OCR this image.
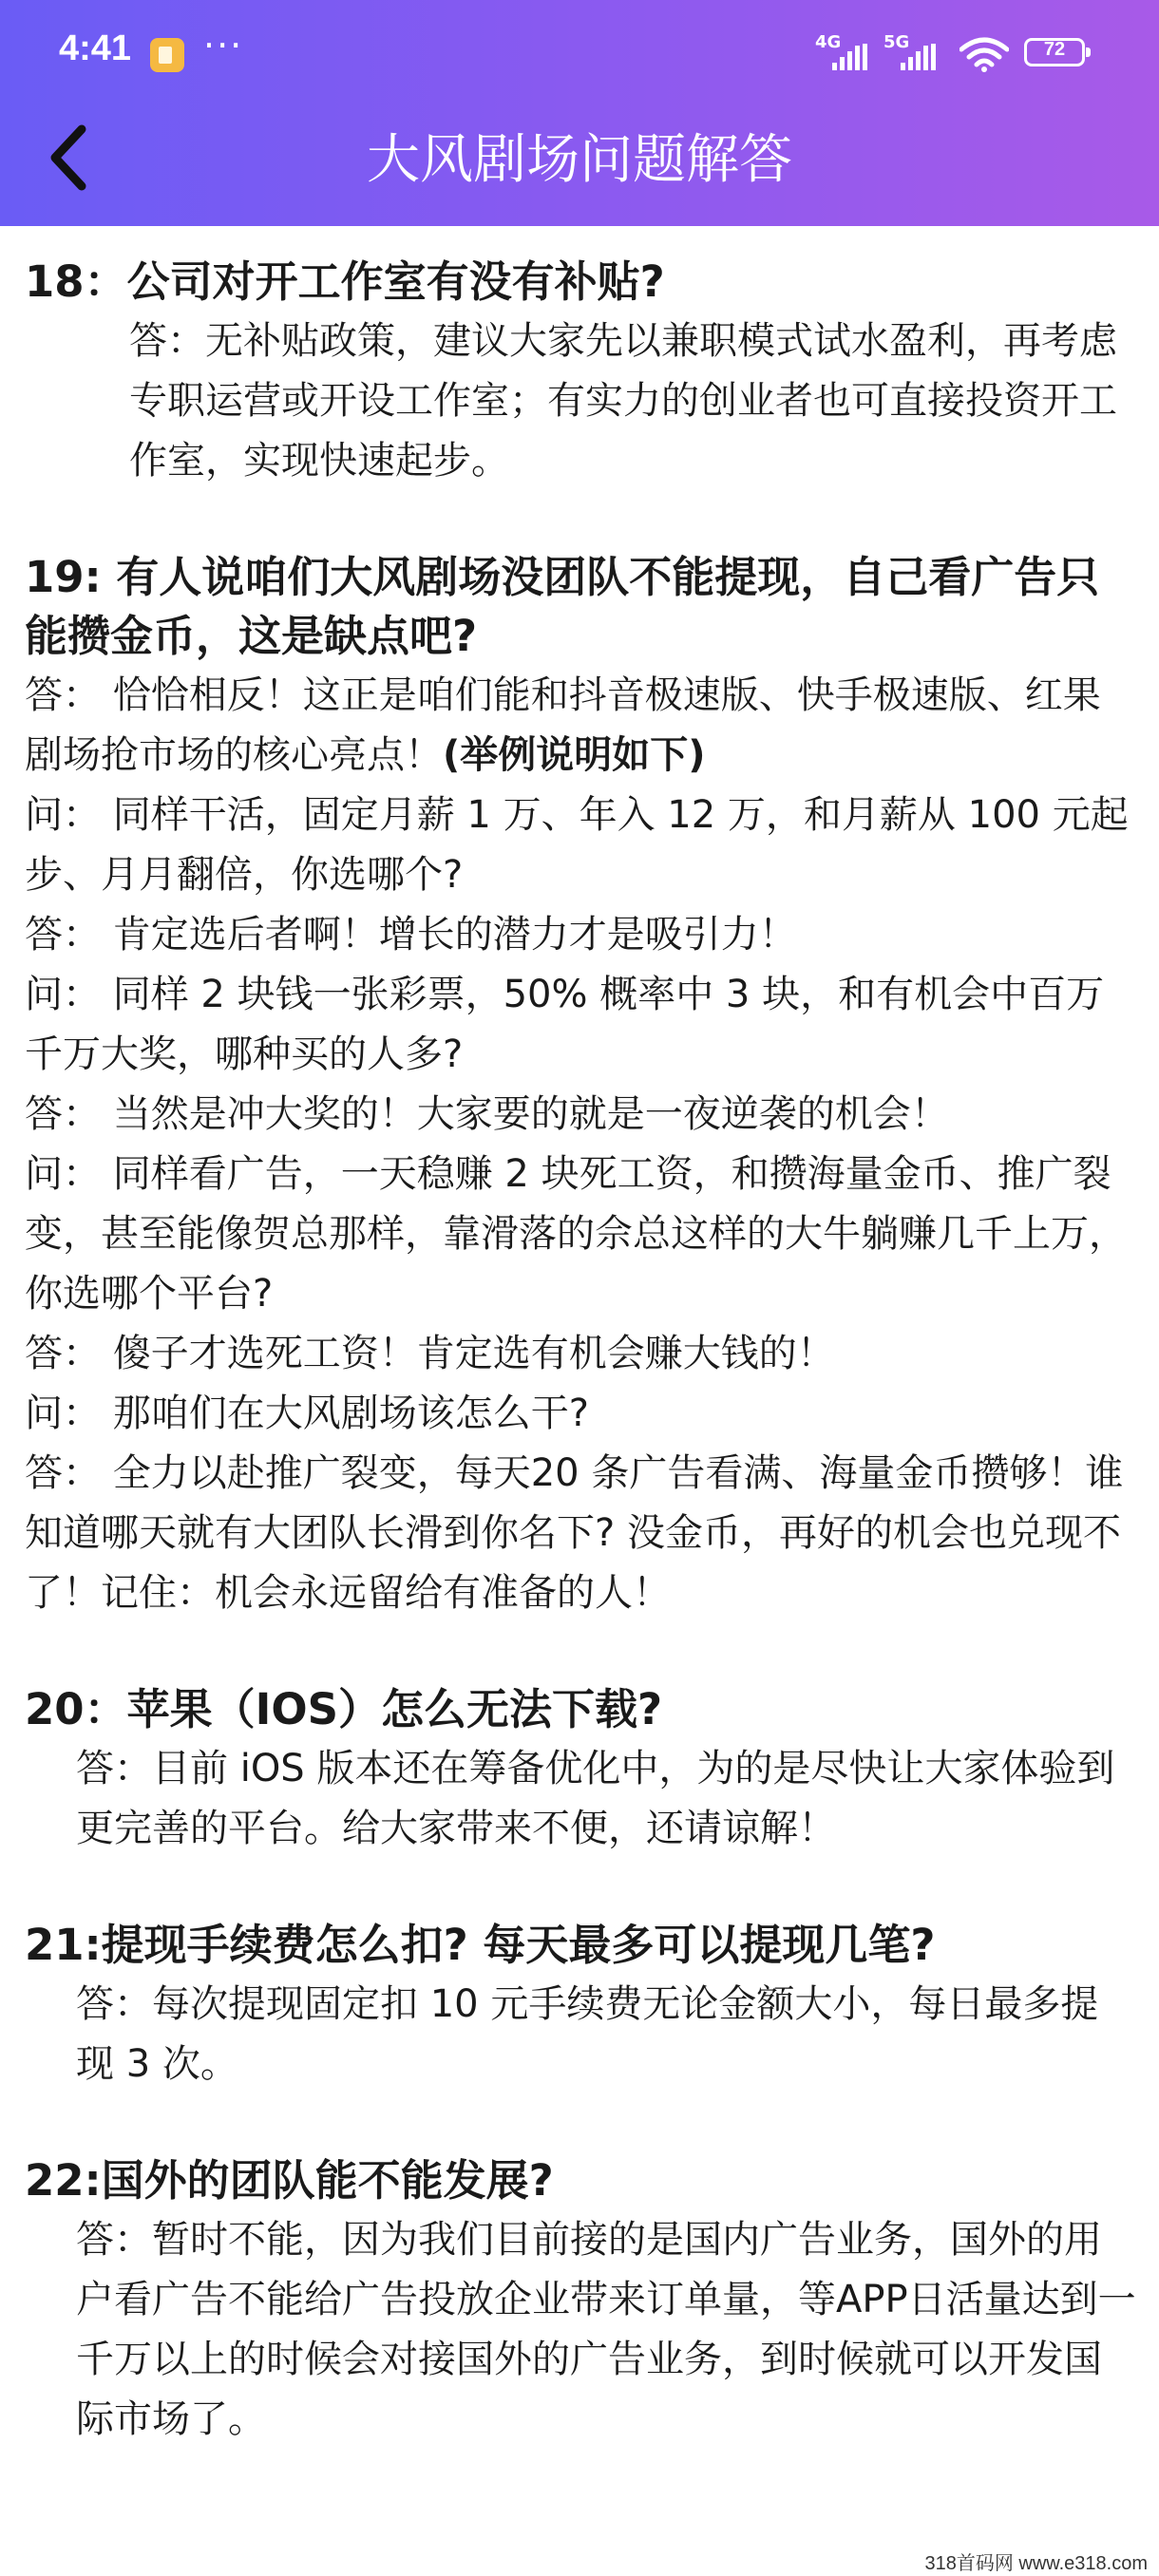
4:41 ···	4G 5G	72
大风剧场问题解答

18：公司对开工作室有没有补贴?

答：无补贴政策，建议大家先以兼职模式试水盈利，再考虑专职运营或开设工作室；有实力的创业者也可直接投资开工作室，实现快速起步。

19: 有人说咱们大风剧场没团队不能提现，自己看广告只能攒金币，这是缺点吧?

答： 恰恰相反！这正是咱们能和抖音极速版、快手极速版、红果剧场抢市场的核心亮点！(举例说明如下)

问： 同样干活，固定月薪 1 万、年入 12 万，和月薪从 100 元起步、月月翻倍，你选哪个?

答： 肯定选后者啊！增长的潜力才是吸引力！

问： 同样 2 块钱一张彩票，50% 概率中 3 块，和有机会中百万千万大奖，哪种买的人多?

答： 当然是冲大奖的！大家要的就是一夜逆袭的机会！

问： 同样看广告，一天稳赚 2 块死工资，和攒海量金币、推广裂变，甚至能像贺总那样，靠滑落的佘总这样的大牛躺赚几千上万，你选哪个平台?

答： 傻子才选死工资！肯定选有机会赚大钱的！

问： 那咱们在大风剧场该怎么干?

答： 全力以赴推广裂变，每天20 条广告看满、海量金币攒够！谁知道哪天就有大团队长滑到你名下? 没金币，再好的机会也兑现不了！记住：机会永远留给有准备的人！

20：苹果（IOS）怎么无法下载?

答：目前 iOS 版本还在筹备优化中，为的是尽快让大家体验到更完善的平台。给大家带来不便，还请谅解！

21:提现手续费怎么扣? 每天最多可以提现几笔?

答：每次提现固定扣 10 元手续费无论金额大小，每日最多提现 3 次。

22:国外的团队能不能发展?

答：暂时不能，因为我们目前接的是国内广告业务，国外的用户看广告不能给广告投放企业带来订单量，等APP日活量达到一千万以上的时候会对接国外的广告业务，到时候就可以开发国际市场了。

318首码网 www.e318.com
